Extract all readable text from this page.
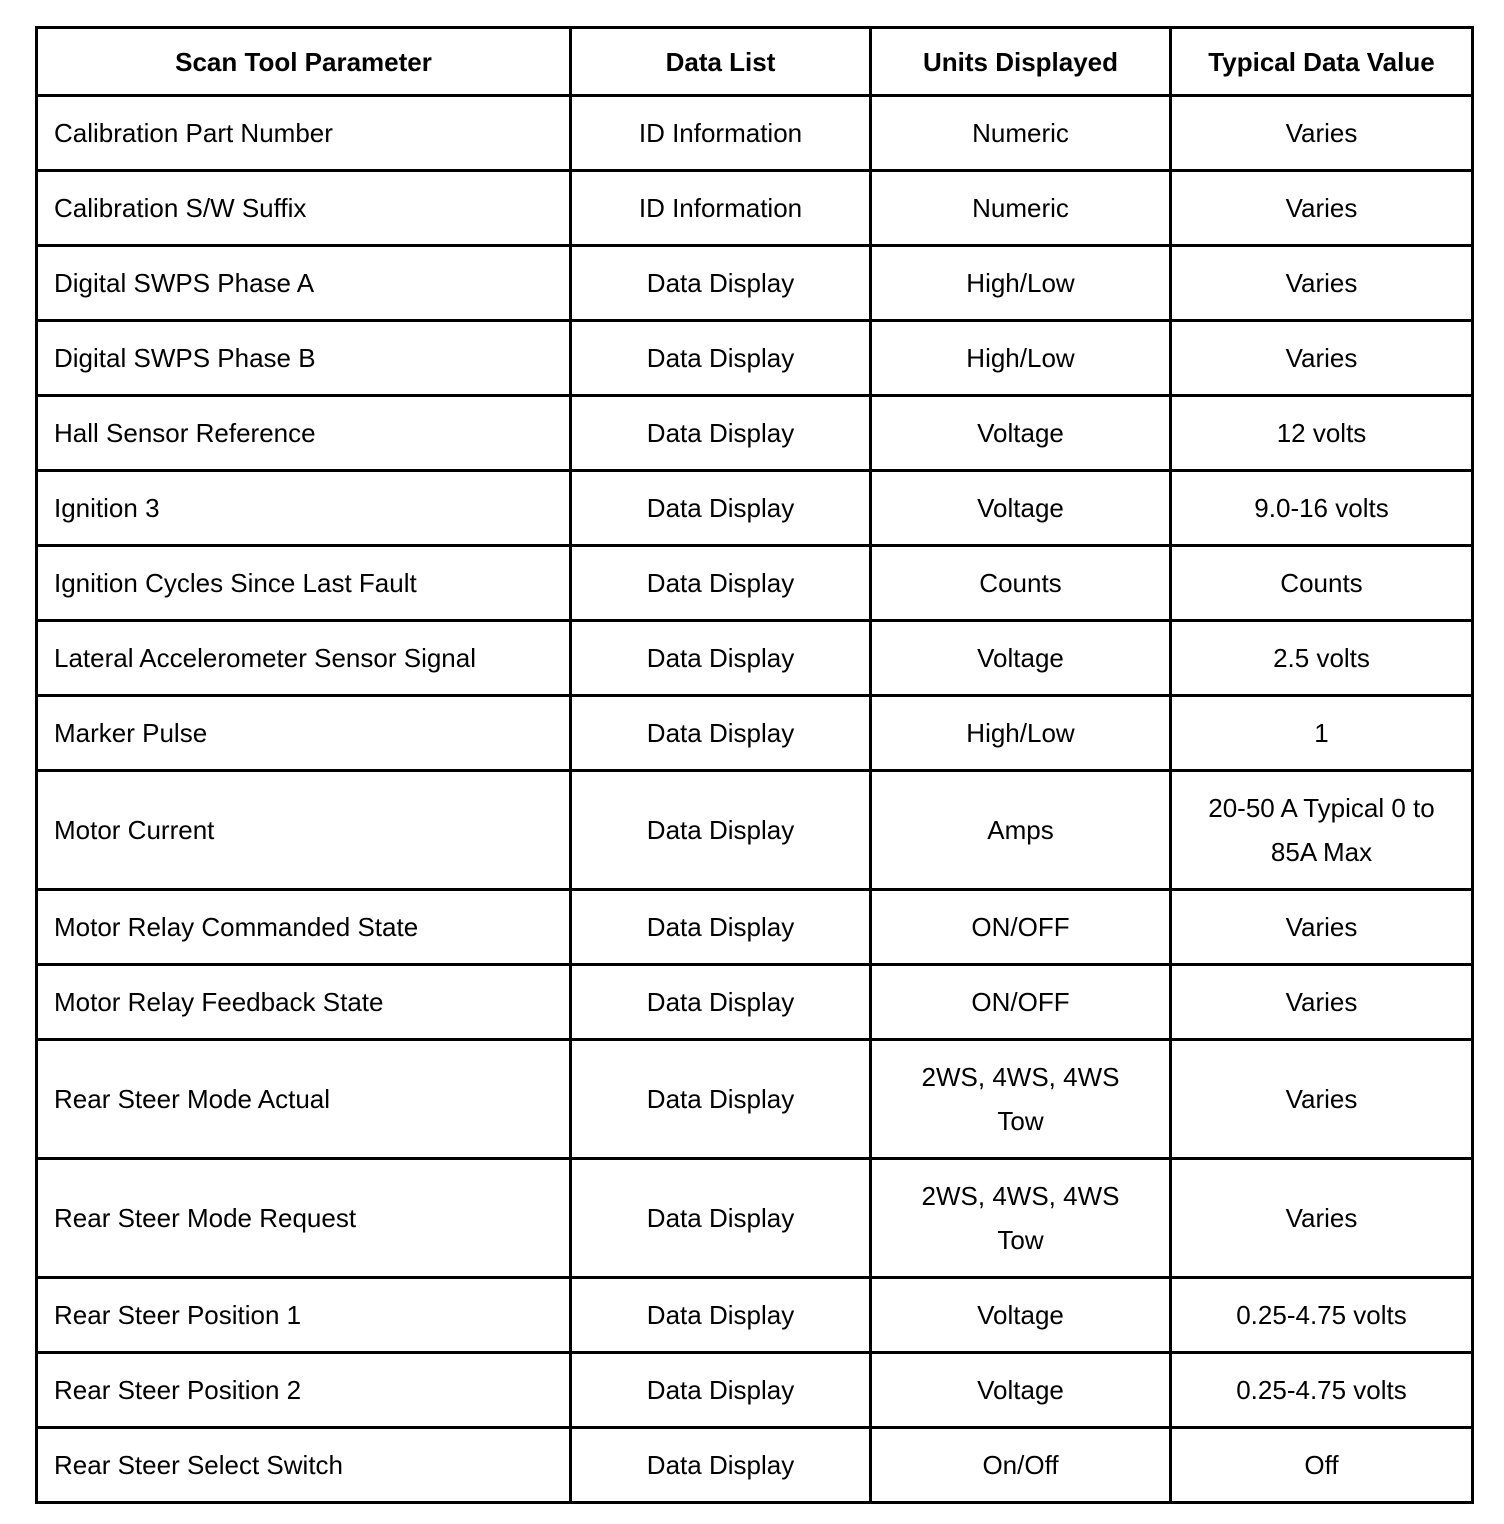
Scan Tool Parameter	Data List	Units Displayed	Typical Data Value
Calibration Part Number	ID Information	Numeric	Varies
Calibration S/W Suffix	ID Information	Numeric	Varies
Digital SWPS Phase A	Data Display	High/Low	Varies
Digital SWPS Phase B	Data Display	High/Low	Varies
Hall Sensor Reference	Data Display	Voltage	12 volts
Ignition 3	Data Display	Voltage	9.0-16 volts
Ignition Cycles Since Last Fault	Data Display	Counts	Counts
Lateral Accelerometer Sensor Signal	Data Display	Voltage	2.5 volts
Marker Pulse	Data Display	High/Low	1
Motor Current	Data Display	Amps	20-50 A Typical 0 to 85A Max
Motor Relay Commanded State	Data Display	ON/OFF	Varies
Motor Relay Feedback State	Data Display	ON/OFF	Varies
Rear Steer Mode Actual	Data Display	2WS, 4WS, 4WS Tow	Varies
Rear Steer Mode Request	Data Display	2WS, 4WS, 4WS Tow	Varies
Rear Steer Position 1	Data Display	Voltage	0.25-4.75 volts
Rear Steer Position 2	Data Display	Voltage	0.25-4.75 volts
Rear Steer Select Switch	Data Display	On/Off	Off
